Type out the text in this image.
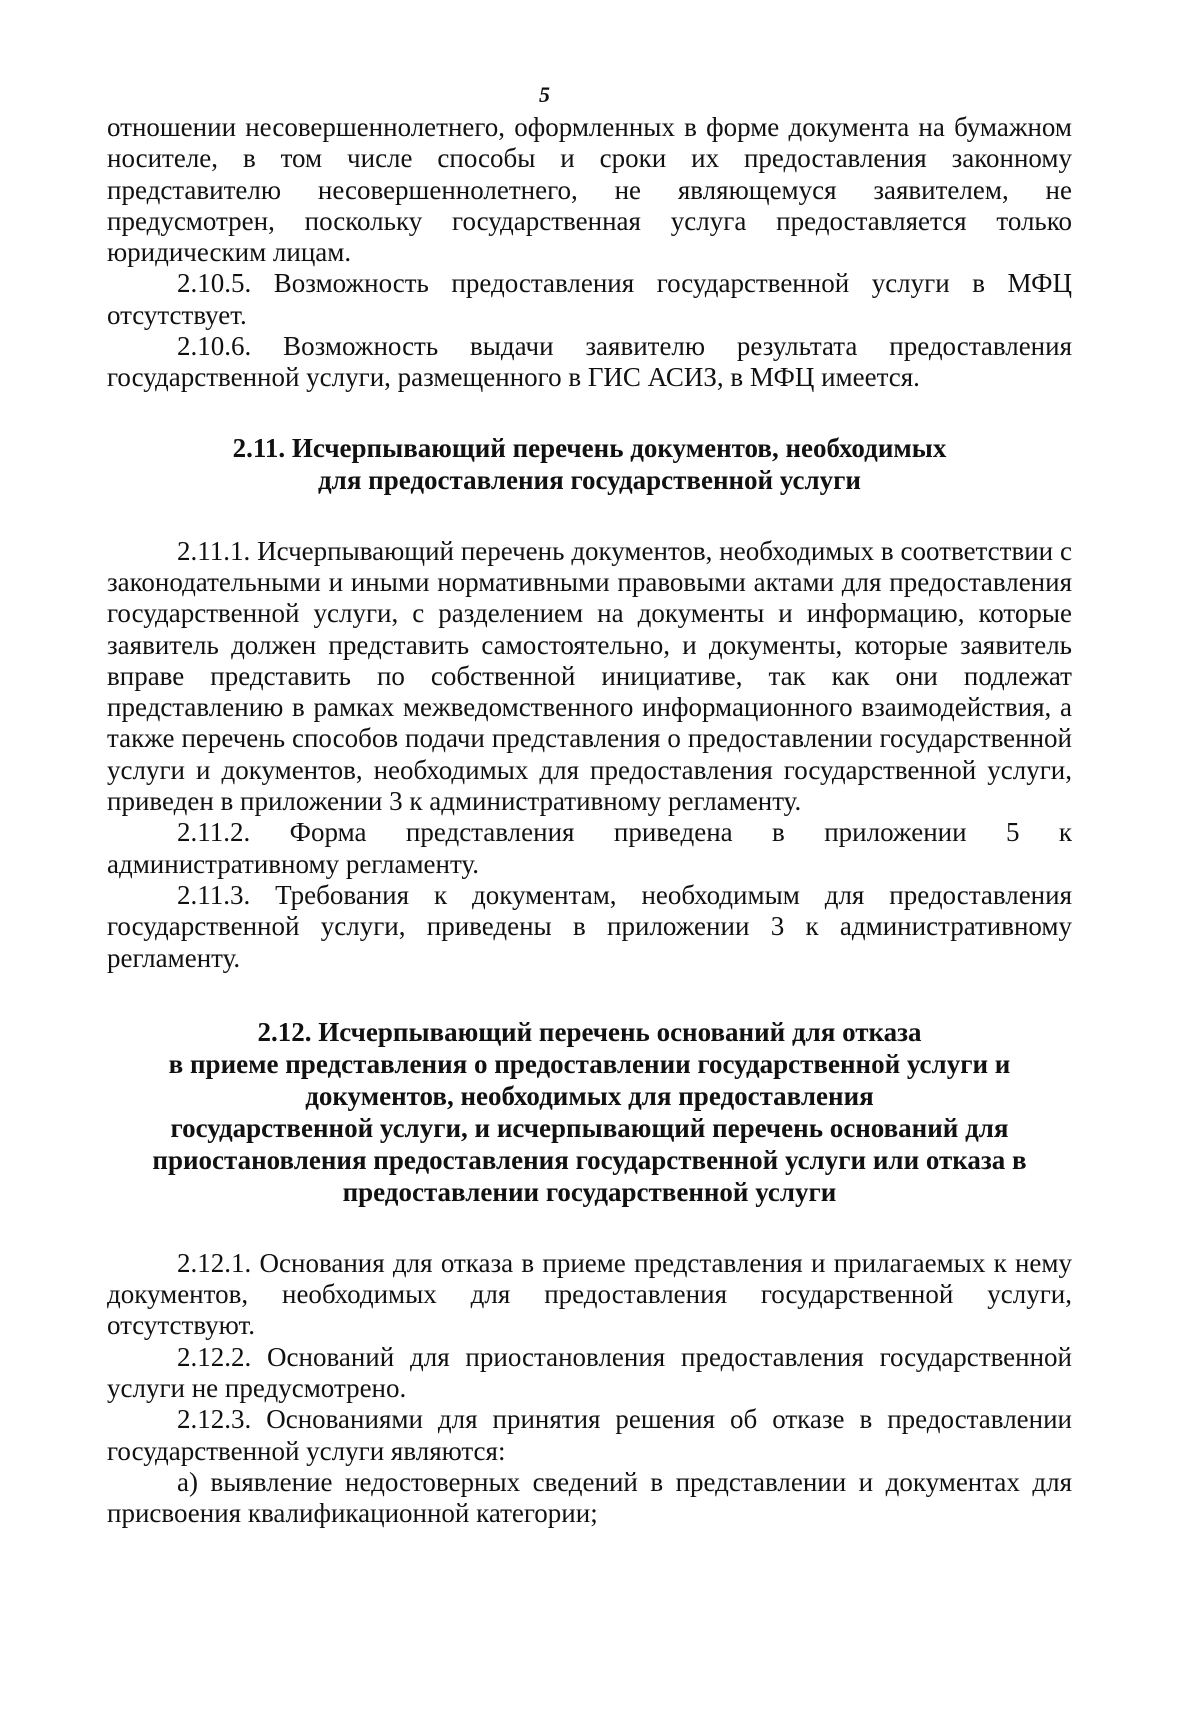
5

отношении несовершеннолетнего, оформленных в форме документа на бумажном носителе, в том числе способы и сроки их предоставления законному представителю несовершеннолетнего, не являющемуся заявителем, не предусмотрен, поскольку государственная услуга предоставляется только юридическим лицам.

2.10.5. Возможность предоставления государственной услуги в МФЦ отсутствует.

2.10.6. Возможность выдачи заявителю результата предоставления государственной услуги, размещенного в ГИС АСИЗ, в МФЦ имеется.

2.11. Исчерпывающий перечень документов, необходимых
для предоставления государственной услуги

2.11.1. Исчерпывающий перечень документов, необходимых в соответствии с законодательными и иными нормативными правовыми актами для предоставления государственной услуги, с разделением на документы и информацию, которые заявитель должен представить самостоятельно, и документы, которые заявитель вправе представить по собственной инициативе, так как они подлежат представлению в рамках межведомственного информационного взаимодействия, а также перечень способов подачи представления о предоставлении государственной услуги и документов, необходимых для предоставления государственной услуги, приведен в приложении 3 к административному регламенту.

2.11.2. Форма представления приведена в приложении 5 к административному регламенту.

2.11.3. Требования к документам, необходимым для предоставления государственной услуги, приведены в приложении 3 к административному регламенту.

2.12. Исчерпывающий перечень оснований для отказа
в приеме представления о предоставлении государственной услуги и
документов, необходимых для предоставления
государственной услуги, и исчерпывающий перечень оснований для
приостановления предоставления государственной услуги или отказа в
предоставлении государственной услуги

2.12.1. Основания для отказа в приеме представления и прилагаемых к нему документов, необходимых для предоставления государственной услуги, отсутствуют.

2.12.2. Оснований для приостановления предоставления государственной услуги не предусмотрено.

2.12.3. Основаниями для принятия решения об отказе в предоставлении государственной услуги являются:

а) выявление недостоверных сведений в представлении и документах для присвоения квалификационной категории;
